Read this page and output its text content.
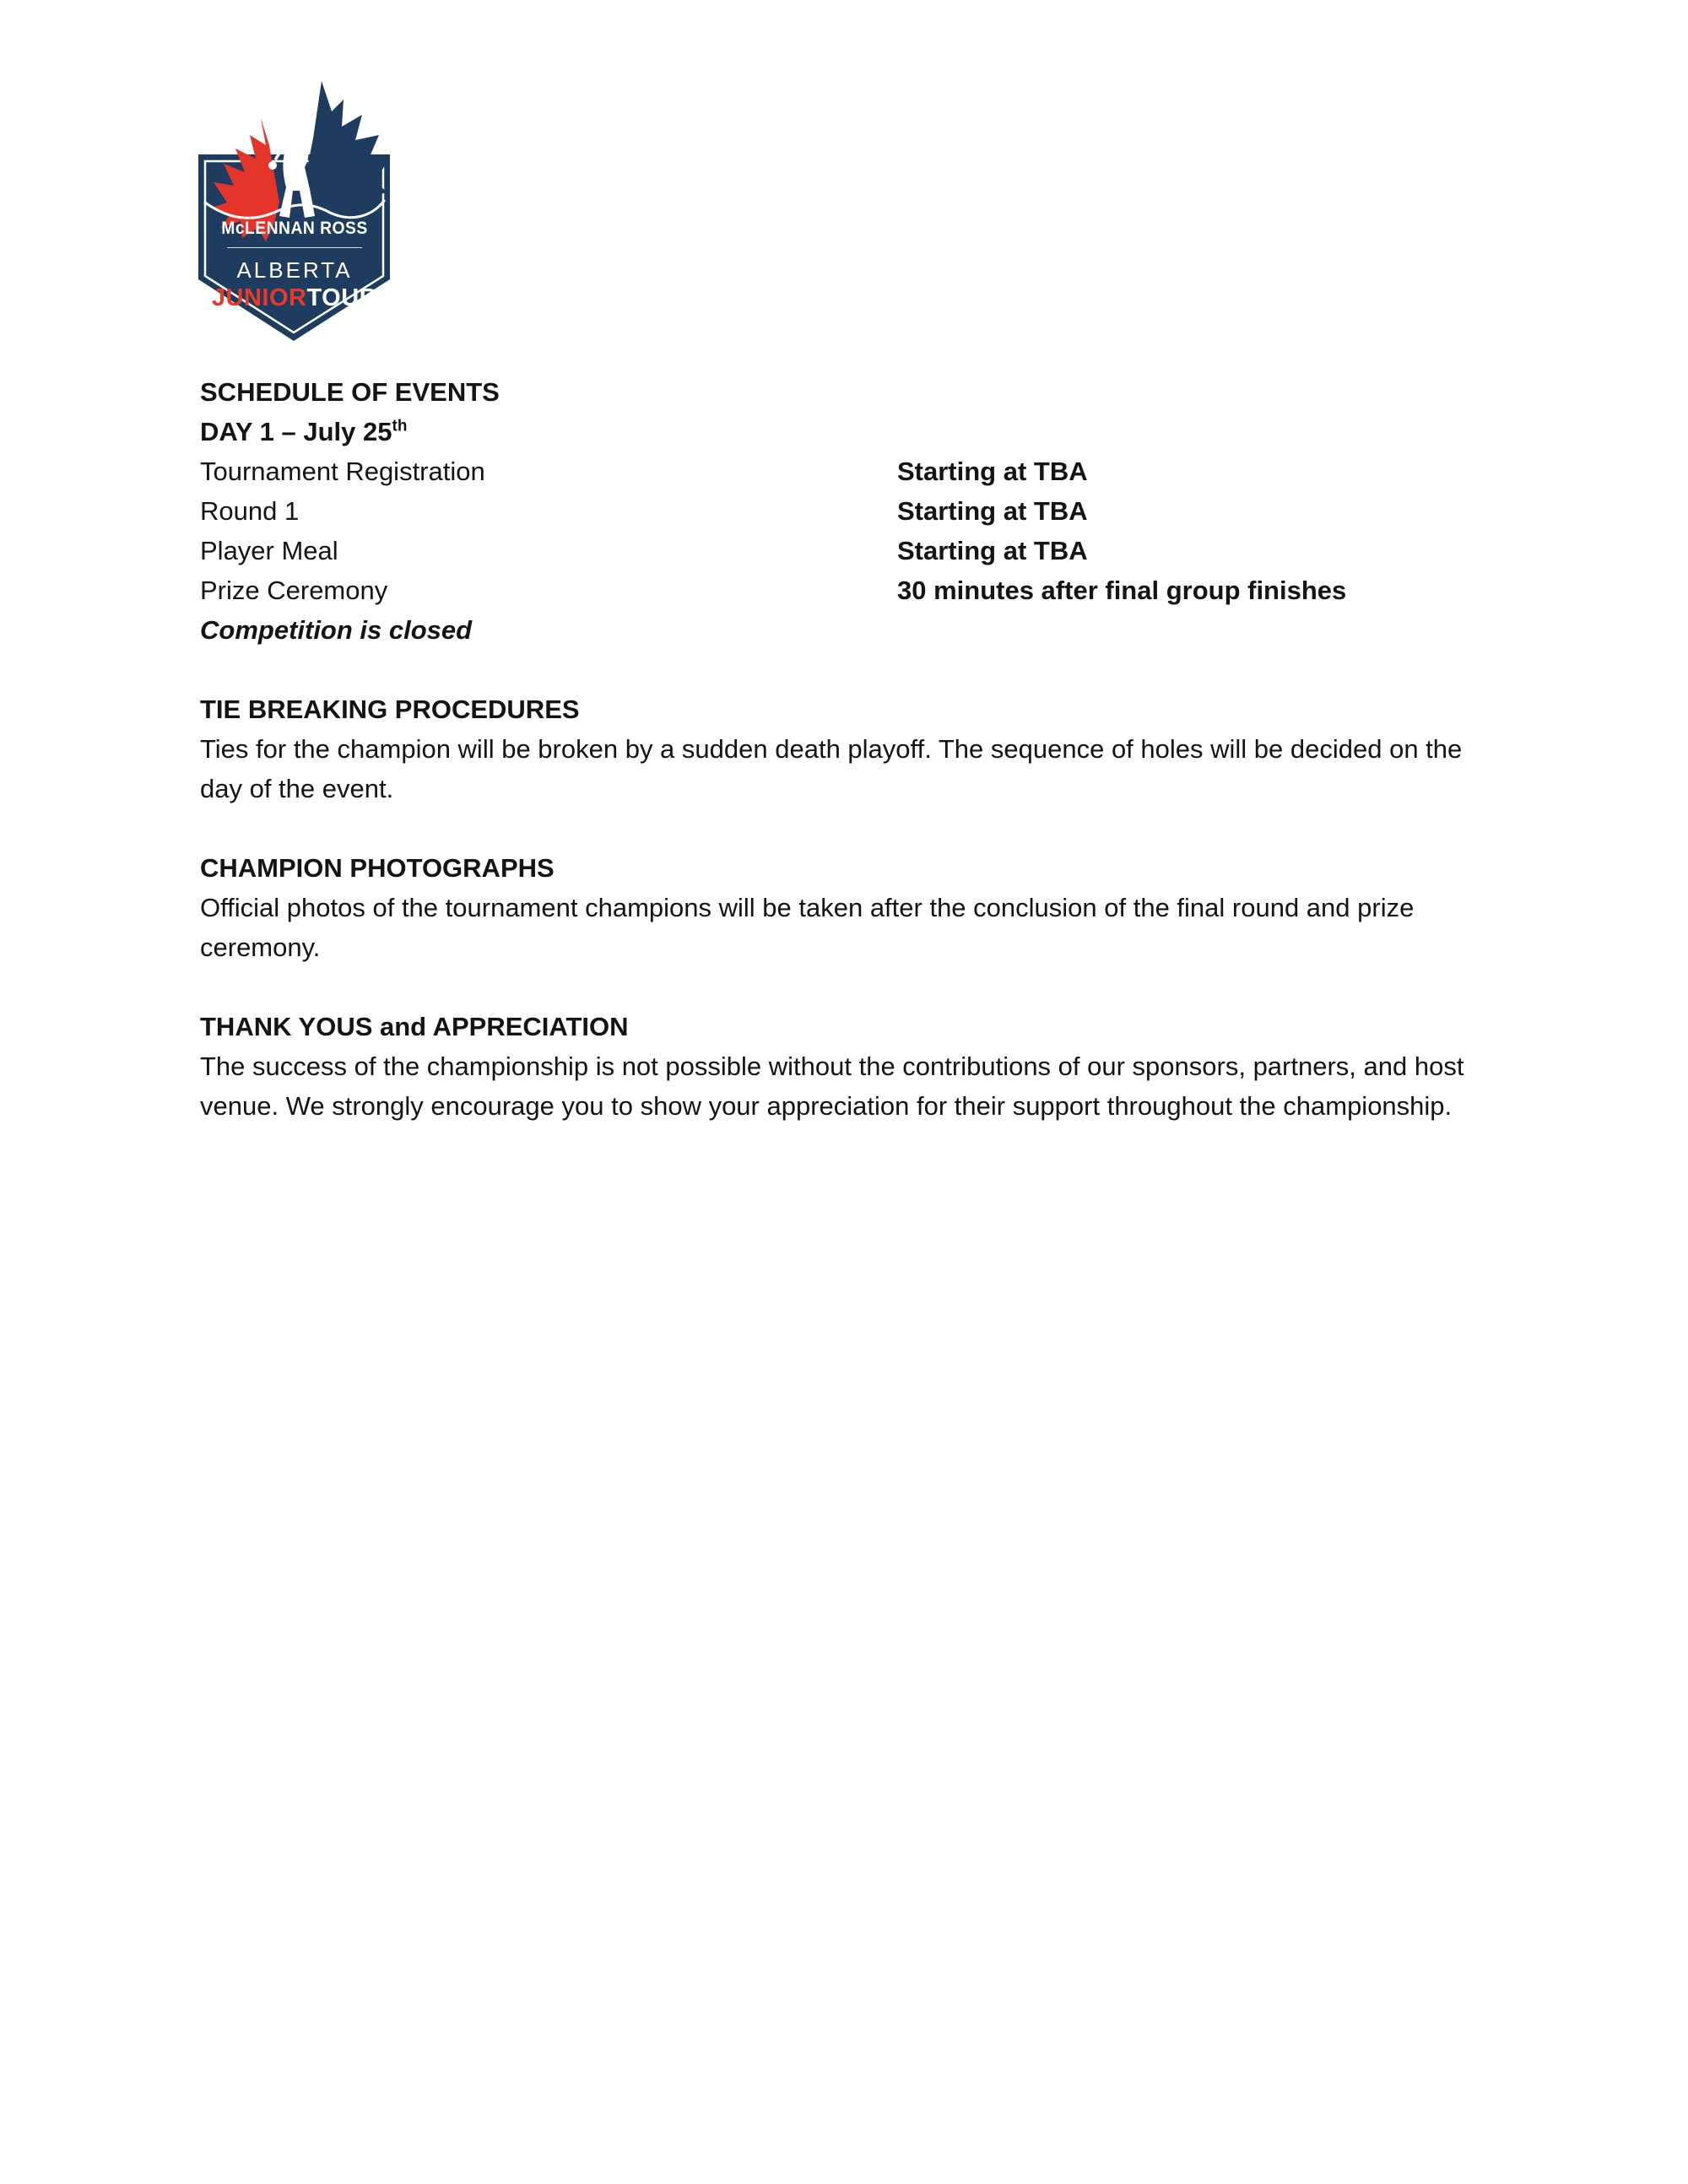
McLENNAN ROSS
ALBERTA
JUNIORTOUR
SCHEDULE OF EVENTS
DAY 1 – July 25th
Tournament Registration	Starting at TBA
Round 1	Starting at TBA
Player Meal	Starting at TBA
Prize Ceremony	30 minutes after final group finishes
Competition is closed
TIE BREAKING PROCEDURES
Ties for the champion will be broken by a sudden death playoff. The sequence of holes will be decided on the day of the event.
CHAMPION PHOTOGRAPHS
Official photos of the tournament champions will be taken after the conclusion of the final round and prize ceremony.
THANK YOUS and APPRECIATION
The success of the championship is not possible without the contributions of our sponsors, partners, and host venue. We strongly encourage you to show your appreciation for their support throughout the championship.
